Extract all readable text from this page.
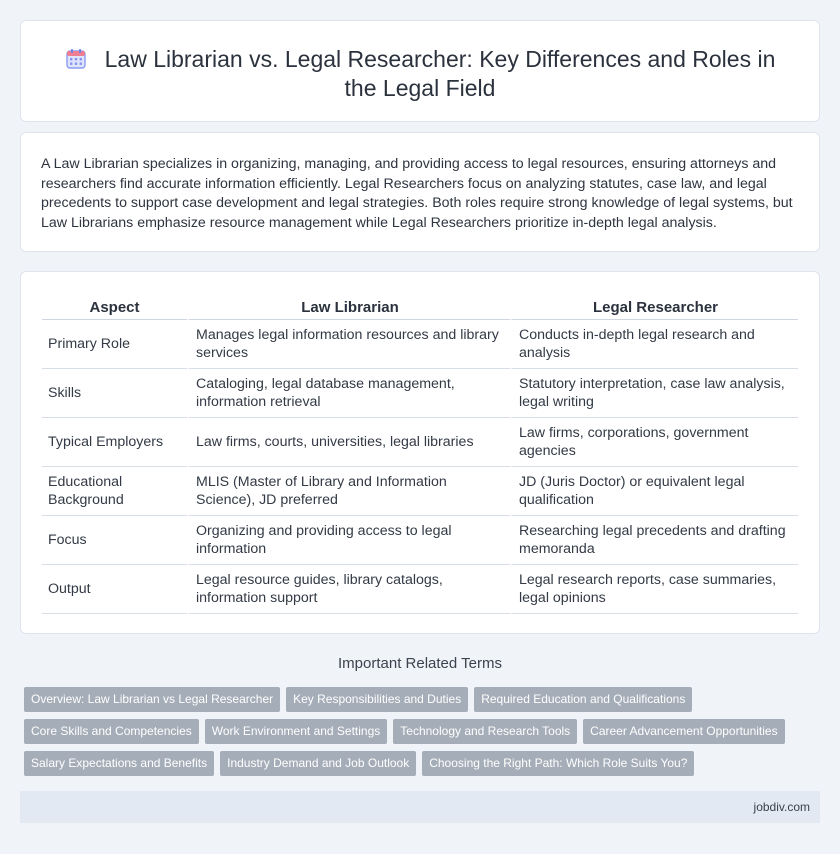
Law Librarian vs. Legal Researcher: Key Differences and Roles in the Legal Field

A Law Librarian specializes in organizing, managing, and providing access to legal resources, ensuring attorneys and researchers find accurate information efficiently. Legal Researchers focus on analyzing statutes, case law, and legal precedents to support case development and legal strategies. Both roles require strong knowledge of legal systems, but Law Librarians emphasize resource management while Legal Researchers prioritize in-depth legal analysis.

Aspect	Law Librarian	Legal Researcher
Primary Role	Manages legal information resources and library services	Conducts in-depth legal research and analysis
Skills	Cataloging, legal database management, information retrieval	Statutory interpretation, case law analysis, legal writing
Typical Employers	Law firms, courts, universities, legal libraries	Law firms, corporations, government agencies
Educational Background	MLIS (Master of Library and Information Science), JD preferred	JD (Juris Doctor) or equivalent legal qualification
Focus	Organizing and providing access to legal information	Researching legal precedents and drafting memoranda
Output	Legal resource guides, library catalogs, information support	Legal research reports, case summaries, legal opinions
Important Related Terms
Overview: Law Librarian vs Legal Researcher Key Responsibilities and Duties Required Education and Qualifications
Core Skills and Competencies Work Environment and Settings Technology and Research Tools Career Advancement Opportunities
Salary Expectations and Benefits Industry Demand and Job Outlook Choosing the Right Path: Which Role Suits You?
jobdiv.com
